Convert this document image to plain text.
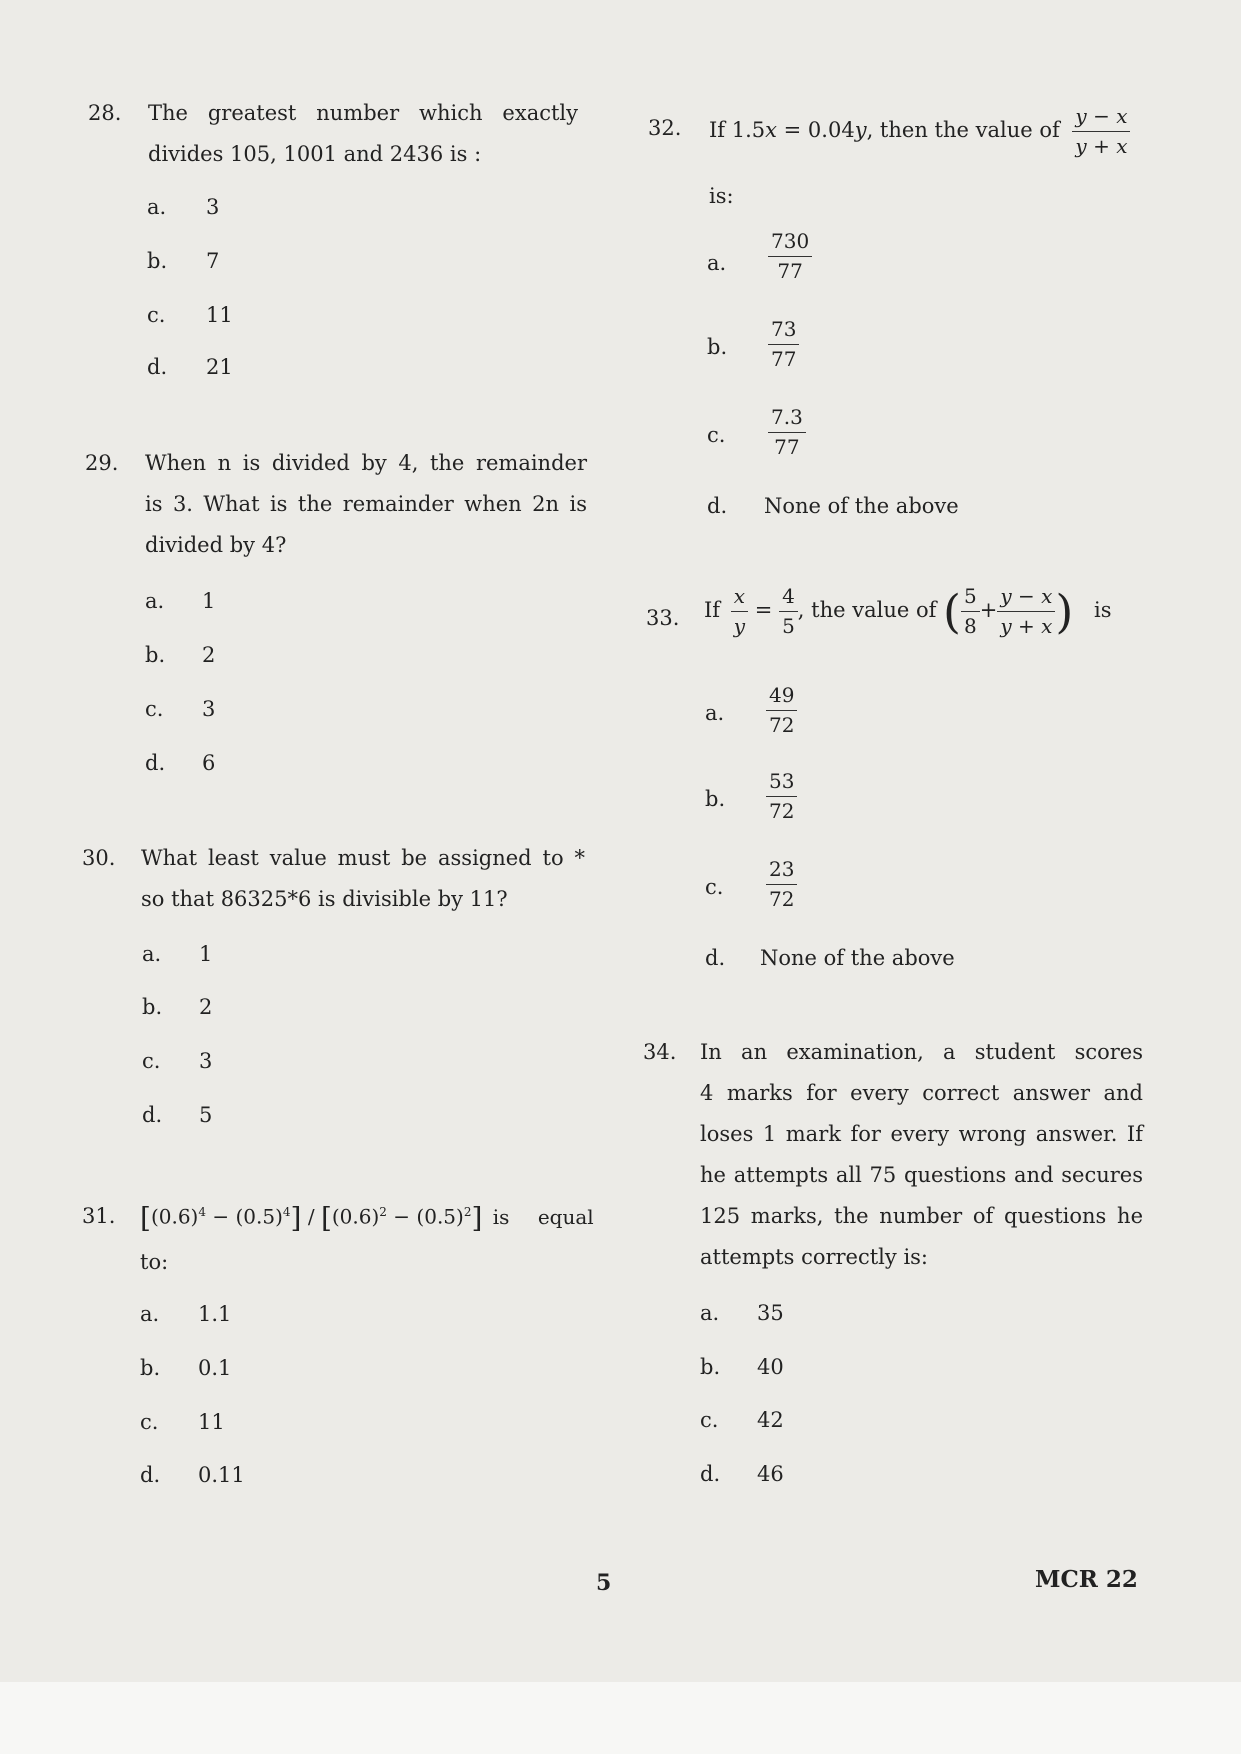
28. The greatest number which exactly
divides 105, 1001 and 2436 is :
a. 3
b. 7
c. 11
d. 21
29. When n is divided by 4, the remainder
is 3. What is the remainder when 2n is
divided by 4?
a. 1
b. 2
c. 3
d. 6
30. What least value must be assigned to *
so that 86325*6 is divisible by 11?
a. 1
b. 2
c. 3
d. 5
31. $[(0.6)^4 - (0.5)^4] / [(0.6)^2 - (0.5)^2]$ is equal
to:
a. 1.1
b. 0.1
c. 11
d. 0.11
32. If 1.5x = 0.04y, then the value of $\frac{y - x}{y + x}$
is:
a. $\frac{730}{77}$
b. $\frac{73}{77}$
c. $\frac{7.3}{77}$
d. None of the above
33. If $\frac{x}{y} = \frac{4}{5}$ , the value of ( $\frac{5}{8} + \frac{y - x}{y + x}$ ) is
a. $\frac{49}{72}$
b. $\frac{53}{72}$
c. $\frac{23}{72}$
d. None of the above
34. In an examination, a student scores
4 marks for every correct answer and
loses 1 mark for every wrong answer. If
he attempts all 75 questions and secures
125 marks, the number of questions he
attempts correctly is:
a. 35
b. 40
c. 42
d. 46
5	MCR 22
